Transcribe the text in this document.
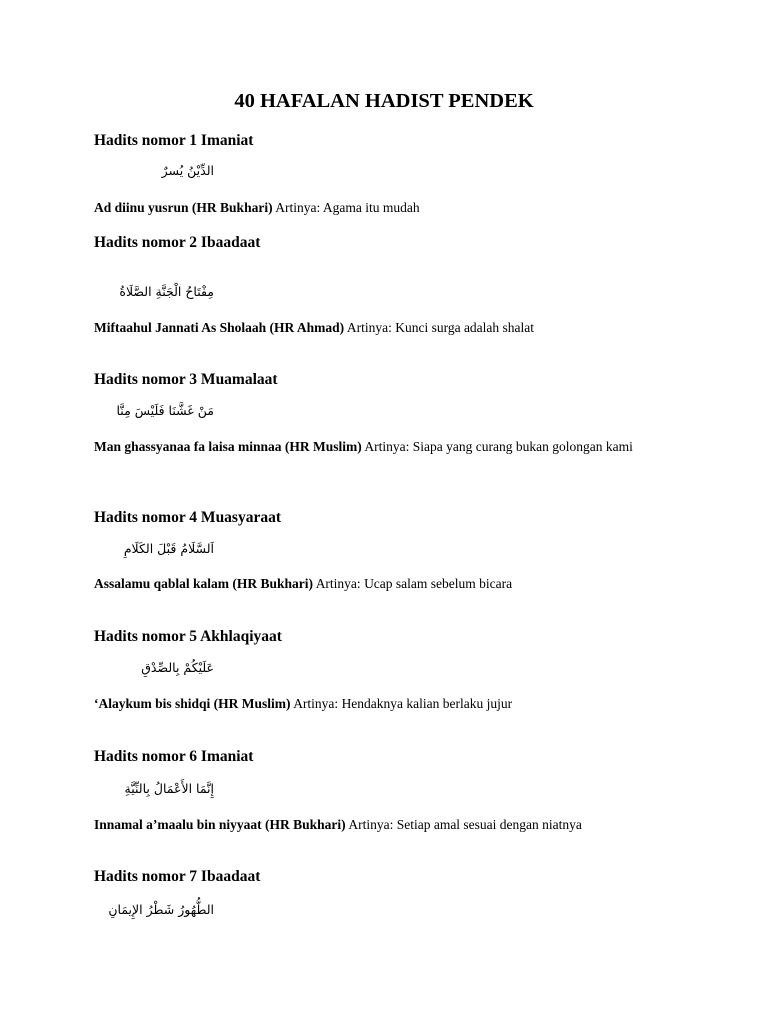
40 HAFALAN HADIST PENDEK
Hadits nomor 1 Imaniat
الدِّيْنُ يُسرٌ
Ad diinu yusrun (HR Bukhari) Artinya: Agama itu mudah
Hadits nomor 2 Ibaadaat
مِفْتَاحُ الْجَنَّةِ الصَّلَاةُ
Miftaahul Jannati As Sholaah (HR Ahmad) Artinya: Kunci surga adalah shalat
Hadits nomor 3 Muamalaat
مَنْ غَشَّنَا فَلَيْسَ مِنَّا
Man ghassyanaa fa laisa minnaa (HR Muslim) Artinya: Siapa yang curang bukan golongan kami
Hadits nomor 4 Muasyaraat
اَلسَّلَامُ قَبْلَ الكَلَامِ
Assalamu qablal kalam (HR Bukhari) Artinya: Ucap salam sebelum bicara
Hadits nomor 5 Akhlaqiyaat
عَلَيْكُمْ بِالصِّدْقِ
‘Alaykum bis shidqi (HR Muslim) Artinya: Hendaknya kalian berlaku jujur
Hadits nomor 6 Imaniat
إِنَّمَا الأَعْمَالُ بِالنِّيَّةِ
Innamal a’maalu bin niyyaat (HR Bukhari) Artinya: Setiap amal sesuai dengan niatnya
Hadits nomor 7 Ibaadaat
الطُّهُورُ شَطْرُ الإِيمَانِ
